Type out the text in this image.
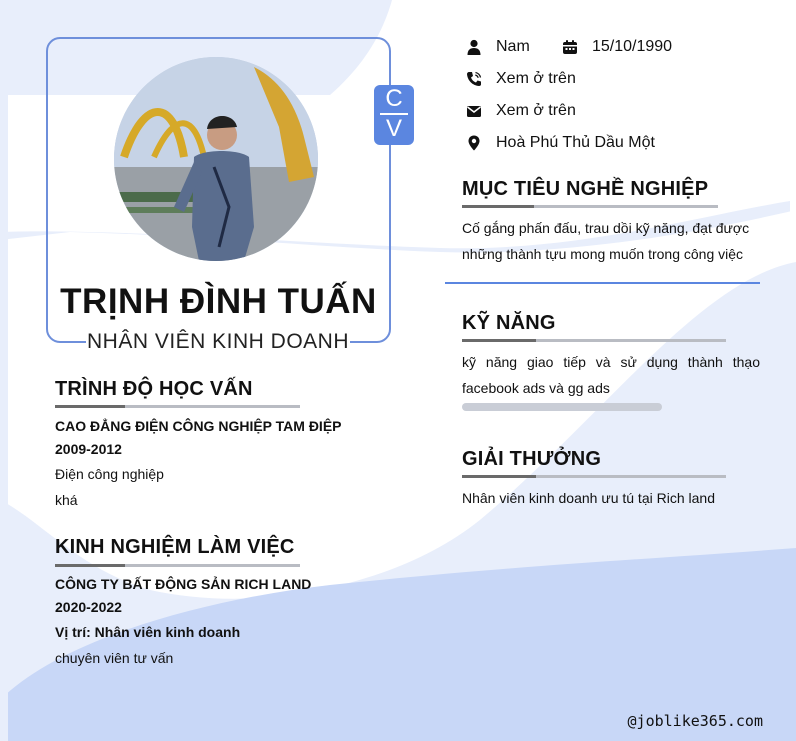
C
V
TRỊNH ĐÌNH TUẤN
NHÂN VIÊN KINH DOANH
Nam	15/10/1990
Xem ở trên
Xem ở trên
Hoà Phú Thủ Dầu Một
MỤC TIÊU NGHỀ NGHIỆP
Cố gắng phấn đấu, trau dồi kỹ năng, đạt được những thành tựu mong muốn trong công việc
KỸ NĂNG
kỹ năng giao tiếp và sử dụng thành thạo facebook ads và gg ads
GIẢI THƯỞNG
Nhân viên kinh doanh ưu tú tại Rich land
TRÌNH ĐỘ HỌC VẤN
CAO ĐẲNG ĐIỆN CÔNG NGHIỆP TAM ĐIỆP
2009-2012
Điện công nghiệp
khá
KINH NGHIỆM LÀM VIỆC
CÔNG TY BẤT ĐỘNG SẢN RICH LAND
2020-2022
Vị trí: Nhân viên kinh doanh
chuyên viên tư vấn
@joblike365.com
